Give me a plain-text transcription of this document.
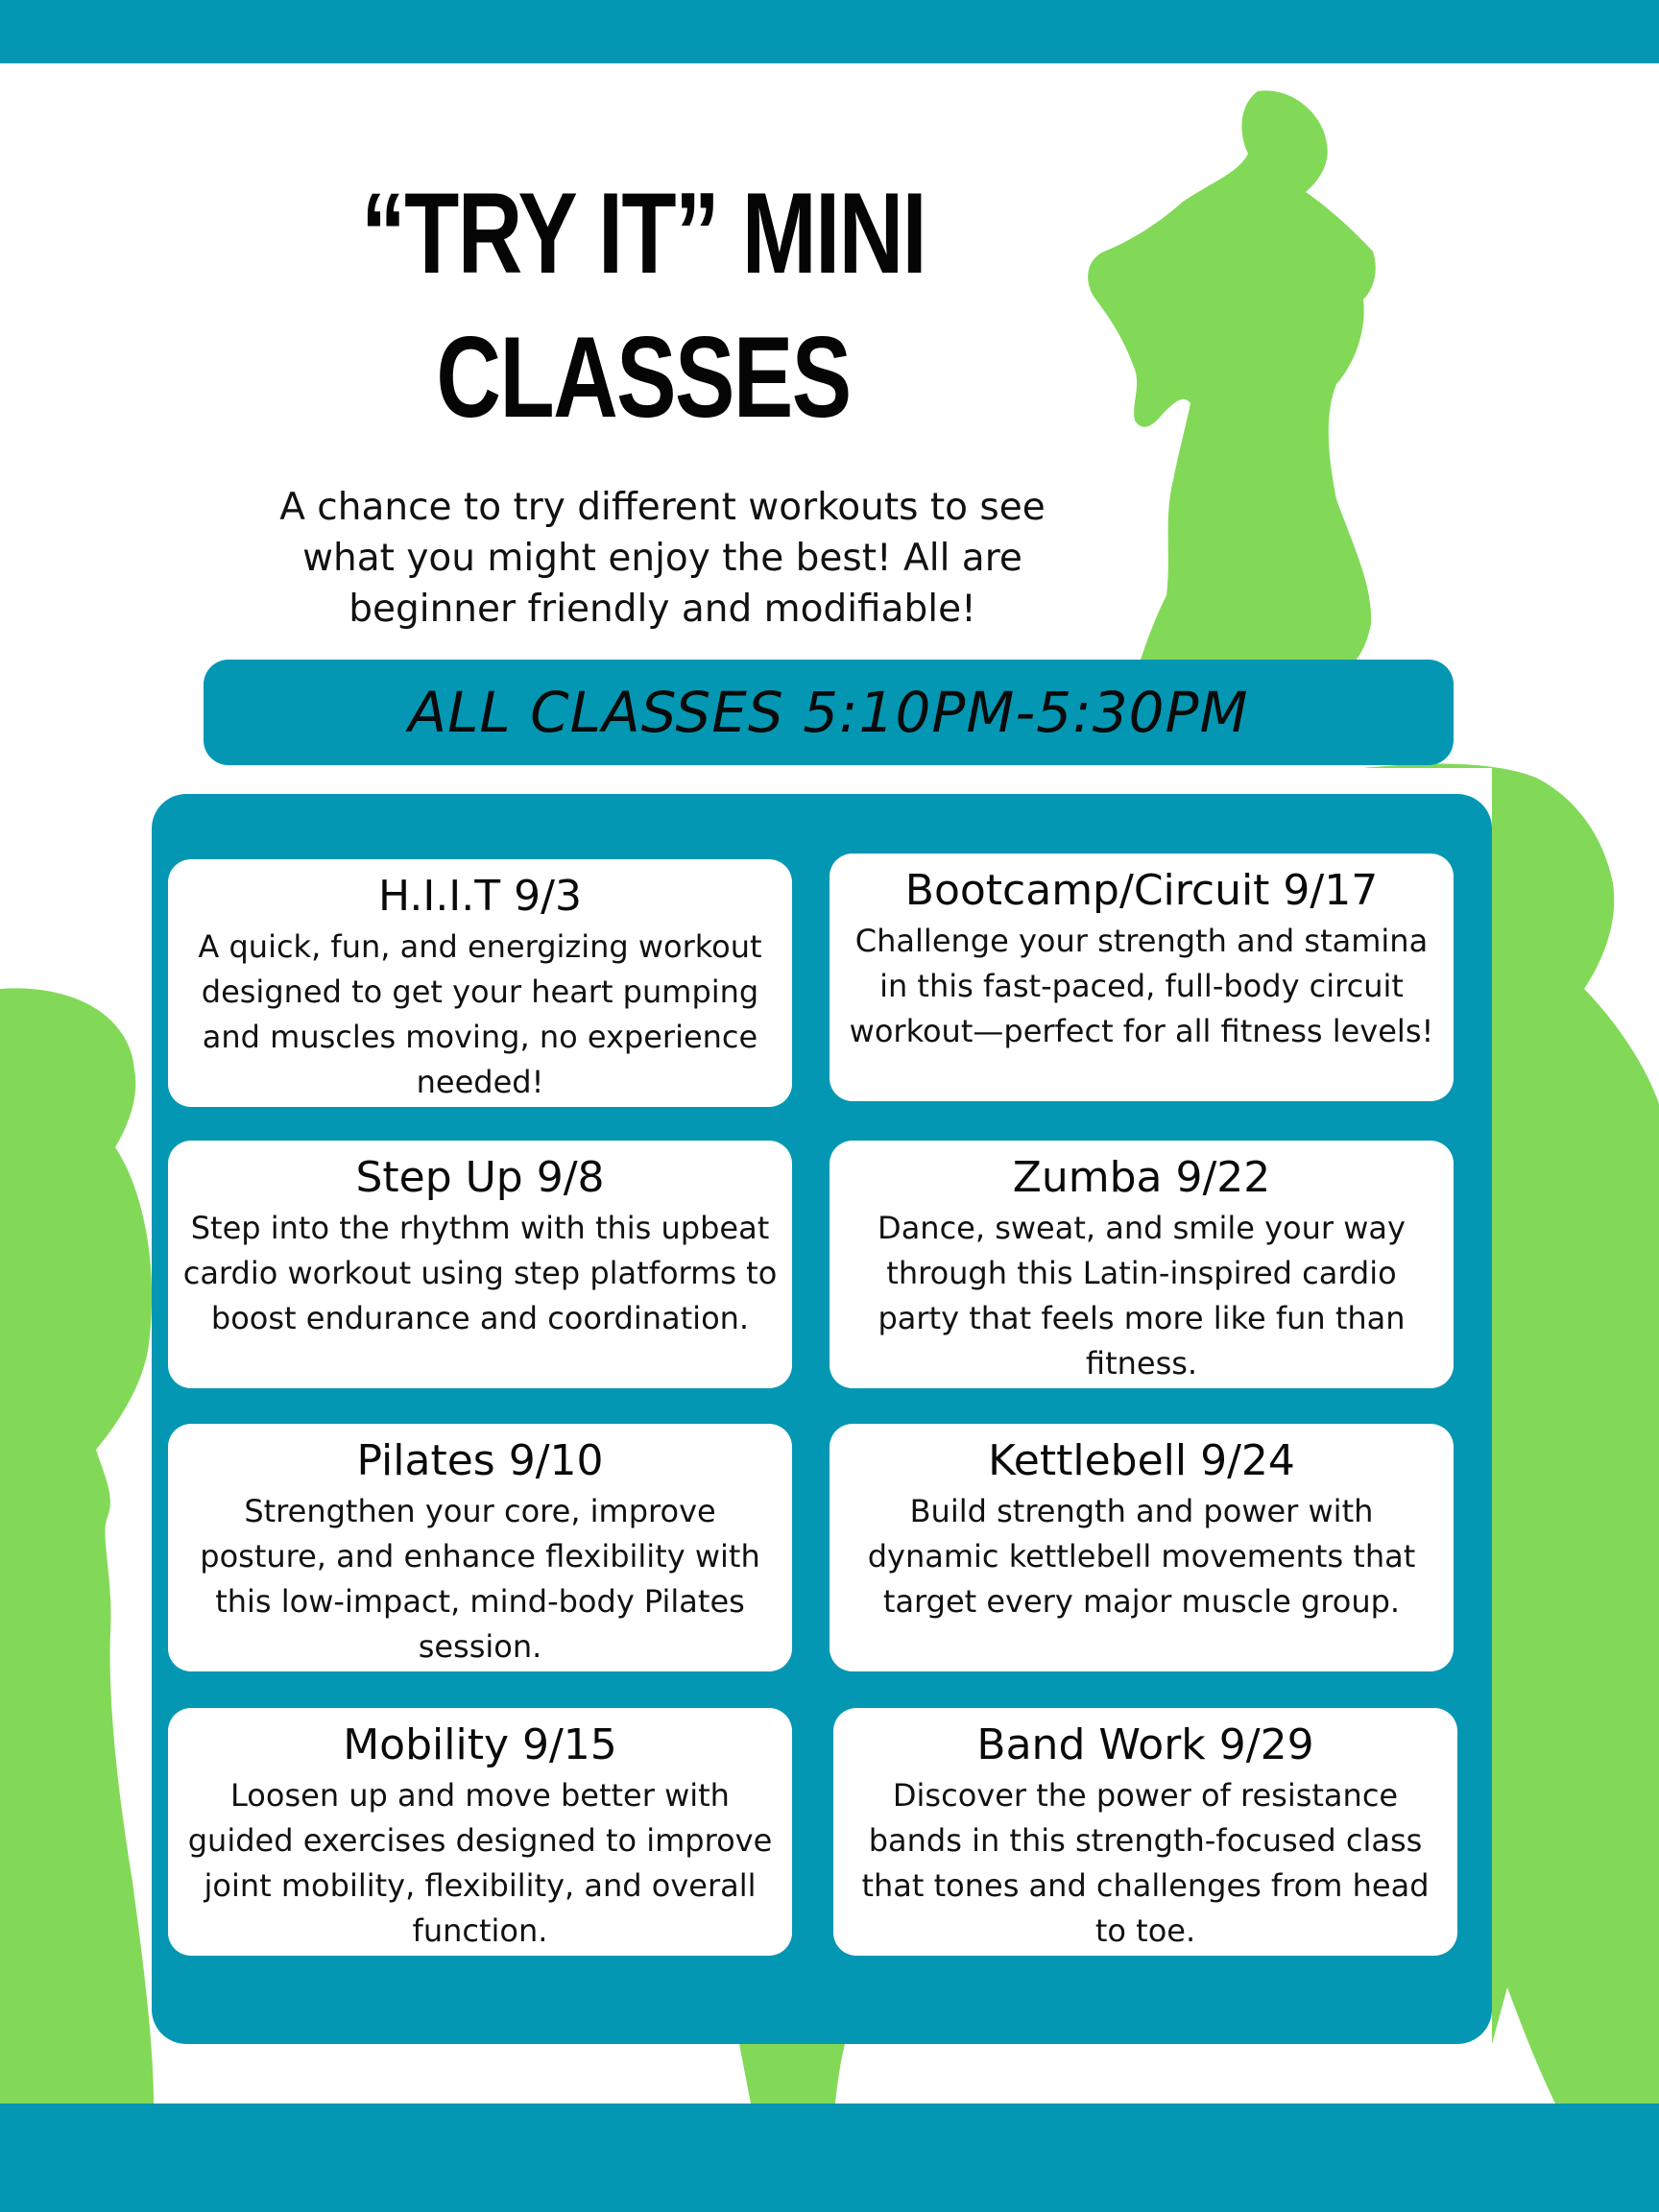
“TRY IT” MINI
CLASSES
A chance to try different workouts to see what you might enjoy the best! All are beginner friendly and modifiable!
ALL CLASSES 5:10PM-5:30PM
H.I.I.T 9/3
A quick, fun, and energizing workout designed to get your heart pumping and muscles moving, no experience needed!
Bootcamp/Circuit 9/17
Challenge your strength and stamina in this fast-paced, full-body circuit workout—perfect for all fitness levels!
Step Up 9/8
Step into the rhythm with this upbeat cardio workout using step platforms to boost endurance and coordination.
Zumba 9/22
Dance, sweat, and smile your way through this Latin-inspired cardio party that feels more like fun than fitness.
Pilates 9/10
Strengthen your core, improve posture, and enhance flexibility with this low-impact, mind-body Pilates session.
Kettlebell 9/24
Build strength and power with dynamic kettlebell movements that target every major muscle group.
Mobility 9/15
Loosen up and move better with guided exercises designed to improve joint mobility, flexibility, and overall function.
Band Work 9/29
Discover the power of resistance bands in this strength-focused class that tones and challenges from head to toe.
